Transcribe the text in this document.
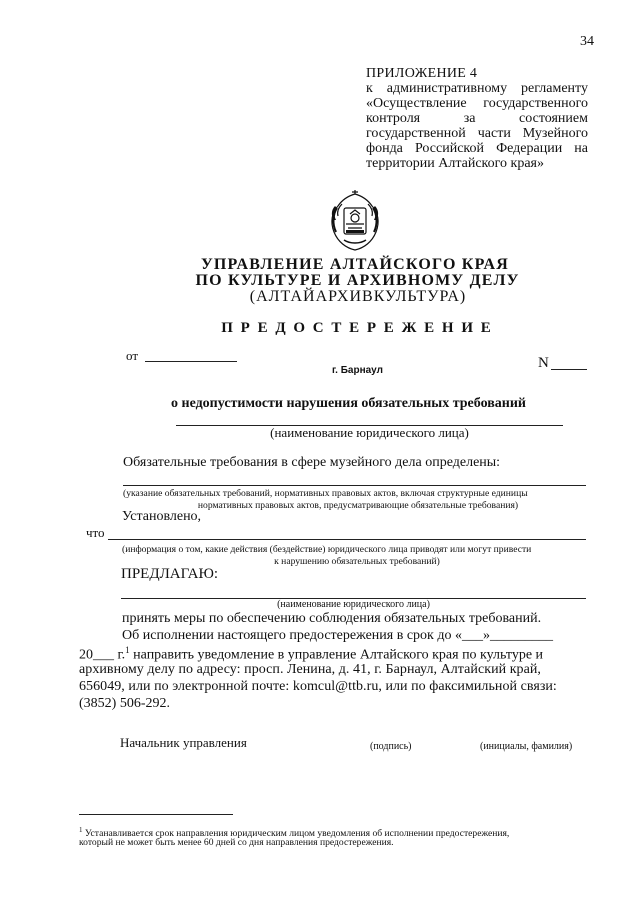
34
ПРИЛОЖЕНИЕ 4
к административному регламенту «Осуществление государственного контроля за состоянием государственной части Музейного фонда Российской Федерации на территории Алтайского края»
УПРАВЛЕНИЕ АЛТАЙСКОГО КРАЯ
ПО КУЛЬТУРЕ И АРХИВНОМУ ДЕЛУ
(АЛТАЙАРХИВКУЛЬТУРА)
П Р Е Д О С Т Е Р Е Ж Е Н И Е
от
г. Барнаул	N
о недопустимости нарушения обязательных требований
(наименование юридического лица)
Обязательные требования в сфере музейного дела определены:
(указание обязательных требований, нормативных правовых актов, включая структурные единицы
нормативных правовых актов, предусматривающие обязательные требования)
Установлено,
что
(информация о том, какие действия (бездействие) юридического лица приводят или могут привести
к нарушению обязательных требований)
ПРЕДЛАГАЮ:
(наименование юридического лица)
принять меры по обеспечению соблюдения обязательных требований.
Об исполнении настоящего предостережения в срок до «___»_________
20___ г.$^1$ направить уведомление в управление Алтайского края по культуре и
архивному делу по адресу: просп. Ленина, д. 41, г. Барнаул, Алтайский край,
656049, или по электронной почте: komcul@ttb.ru, или по факсимильной связи:
(3852) 506-292.
Начальник управления	(подпись)	(инициалы, фамилия)
$^1$ Устанавливается срок направления юридическим лицом уведомления об исполнении предостережения,
который не может быть менее 60 дней со дня направления предостережения.
